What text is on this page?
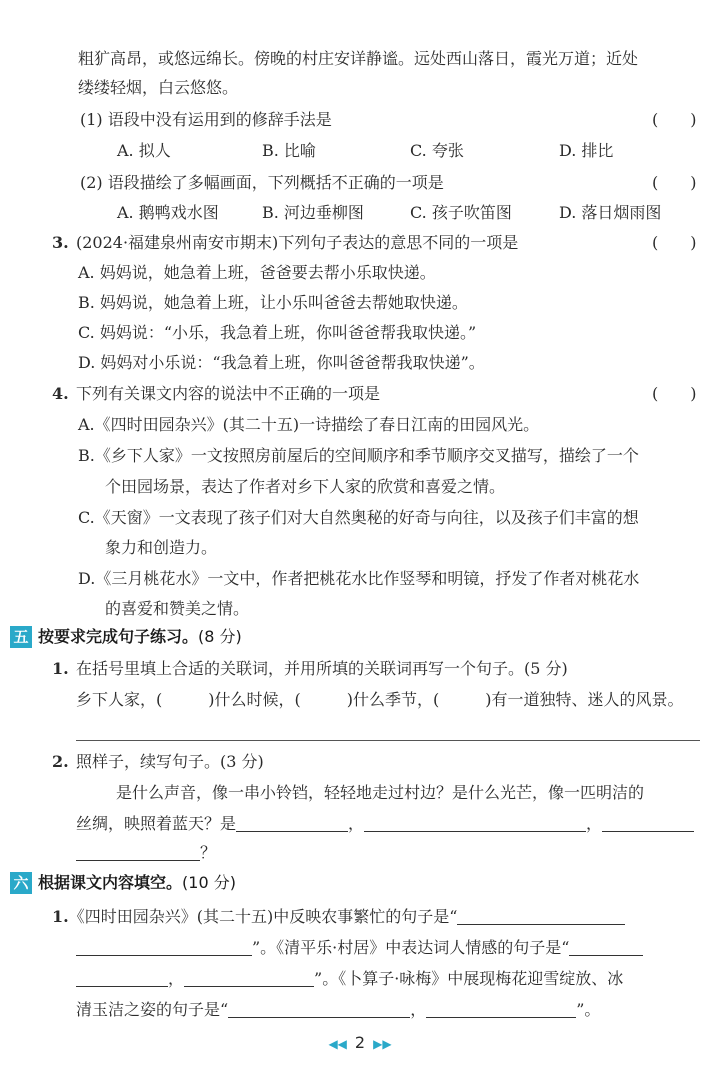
粗犷高昂，或悠远绵长。傍晚的村庄安详静谧。远处西山落日，霞光万道；近处
缕缕轻烟，白云悠悠。
(1) 语段中没有运用到的修辞手法是	(　　)
A. 拟人	B. 比喻	C. 夸张	D. 排比
(2) 语段描绘了多幅画面，下列概括不正确的一项是	(　　)
A. 鹅鸭戏水图	B. 河边垂柳图	C. 孩子吹笛图	D. 落日烟雨图
3. (2024·福建泉州南安市期末)下列句子表达的意思不同的一项是	(　　)
A. 妈妈说，她急着上班，爸爸要去帮小乐取快递。
B. 妈妈说，她急着上班，让小乐叫爸爸去帮她取快递。
C. 妈妈说：“小乐，我急着上班，你叫爸爸帮我取快递。”
D. 妈妈对小乐说：“我急着上班，你叫爸爸帮我取快递”。
4. 下列有关课文内容的说法中不正确的一项是	(　　)
A.《四时田园杂兴》(其二十五)一诗描绘了春日江南的田园风光。
B.《乡下人家》一文按照房前屋后的空间顺序和季节顺序交叉描写，描绘了一个
个田园场景，表达了作者对乡下人家的欣赏和喜爱之情。
C.《天窗》一文表现了孩子们对大自然奥秘的好奇与向往，以及孩子们丰富的想
象力和创造力。
D.《三月桃花水》一文中，作者把桃花水比作竖琴和明镜，抒发了作者对桃花水
的喜爱和赞美之情。
五 按要求完成句子练习。 (8 分)
1. 在括号里填上合适的关联词，并用所填的关联词再写一个句子。(5 分)
乡下人家，(	)什么时候，(	)什么季节，(	)有一道独特、迷人的风景。
2. 照样子，续写句子。(3 分)
是什么声音，像一串小铃铛，轻轻地走过村边？是什么光芒，像一匹明洁的
丝绸，映照着蓝天？是	，	，
？
六 根据课文内容填空。 (10 分)
1.《四时田园杂兴》(其二十五)中反映农事繁忙的句子是“
”。《清平乐·村居》中表达词人情感的句子是“
，	”。《卜算子·咏梅》中展现梅花迎雪绽放、冰
清玉洁之姿的句子是“	，	”。
◀◀ 2 ▶▶
